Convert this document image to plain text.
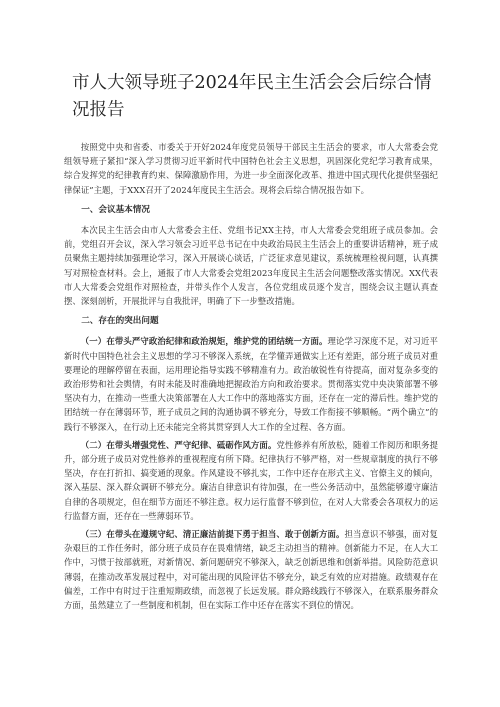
市人大领导班子2024年民主生活会会后综合情况报告

按照党中央和省委、市委关于开好2024年度党员领导干部民主生活会的要求，市人大常委会党组领导班子紧扣“深入学习贯彻习近平新时代中国特色社会主义思想，巩固深化党纪学习教育成果，综合发挥党的纪律教育约束、保障激励作用，为进一步全面深化改革、推进中国式现代化提供坚强纪律保证”主题，于XXX召开了2024年度民主生活会。现将会后综合情况报告如下。

一、会议基本情况

本次民主生活会由市人大常委会主任、党组书记XX主持，市人大常委会党组班子成员参加。会前，党组召开会议，深入学习领会习近平总书记在中央政治局民主生活会上的重要讲话精神，班子成员聚焦主题持续加强理论学习，深入开展谈心谈话，广泛征求意见建议，系统梳理检视问题，认真撰写对照检查材料。会上，通报了市人大常委会党组2023年度民主生活会问题整改落实情况。XX代表市人大常委会党组作对照检查，并带头作个人发言，各位党组成员逐个发言，围绕会议主题认真查摆、深刻剖析，开展批评与自我批评，明确了下一步整改措施。

二、存在的突出问题

（一）在带头严守政治纪律和政治规矩，维护党的团结统一方面。理论学习深度不足，对习近平新时代中国特色社会主义思想的学习不够深入系统，在学懂弄通做实上还有差距，部分班子成员对重要理论的理解停留在表面，运用理论指导实践不够精准有力。政治敏锐性有待提高，面对复杂多变的政治形势和社会舆情，有时未能及时准确地把握政治方向和政治要求。贯彻落实党中央决策部署不够坚决有力，在推动一些重大决策部署在人大工作中的落地落实方面，还存在一定的滞后性。维护党的团结统一存在薄弱环节，班子成员之间的沟通协调不够充分，导致工作衔接不够顺畅。“两个确立”的践行不够深入，在行动上还未能完全将其贯穿到人大工作的全过程、各方面。

（二）在带头增强党性、严守纪律、砥砺作风方面。党性修养有所放松，随着工作阅历和职务提升，部分班子成员对党性修养的重视程度有所下降。纪律执行不够严格，对一些规章制度的执行不够坚决，存在打折扣、搞变通的现象。作风建设不够扎实，工作中还存在形式主义、官僚主义的倾向，深入基层、深入群众调研不够充分。廉洁自律意识有待加强，在一些公务活动中，虽然能够遵守廉洁自律的各项规定，但在细节方面还不够注意。权力运行监督不够到位，在对人大常委会各项权力的运行监督方面，还存在一些薄弱环节。

（三）在带头在遵规守纪、清正廉洁前提下勇于担当、敢于创新方面。担当意识不够强，面对复杂艰巨的工作任务时，部分班子成员存在畏难情绪，缺乏主动担当的精神。创新能力不足，在人大工作中，习惯于按部就班，对新情况、新问题研究不够深入，缺乏创新思维和创新举措。风险防范意识薄弱，在推动改革发展过程中，对可能出现的风险评估不够充分，缺乏有效的应对措施。政绩观存在偏差，工作中有时过于注重短期政绩，而忽视了长远发展。群众路线践行不够深入，在联系服务群众方面，虽然建立了一些制度和机制，但在实际工作中还存在落实不到位的情况。
